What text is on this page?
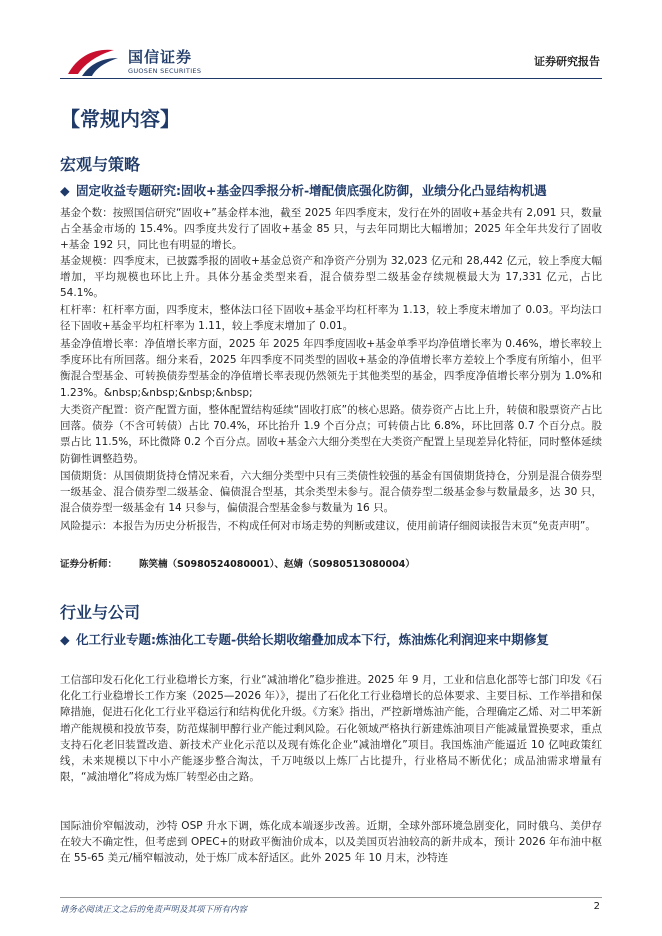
国信证券
GUOSEN SECURITIES
证券研究报告
【常规内容】
宏观与策略
◆ 固定收益专题研究:固收+基金四季报分析-增配债底强化防御，业绩分化凸显结构机遇
基金个数：按照国信研究“固收+”基金样本池，截至 2025 年四季度末，发行在外的固收+基金共有 2,091 只，数量占全基金市场的 15.4%。四季度共发行了固收+基金 85 只，与去年同期比大幅增加；2025 年全年共发行了固收+基金 192 只，同比也有明显的增长。
基金规模：四季度末，已披露季报的固收+基金总资产和净资产分别为 32,023 亿元和 28,442 亿元，较上季度大幅增加，平均规模也环比上升。具体分基金类型来看，混合债券型二级基金存续规模最大为 17,331 亿元，占比 54.1%。
杠杆率：杠杆率方面，四季度末，整体法口径下固收+基金平均杠杆率为 1.13，较上季度末增加了 0.03。平均法口径下固收+基金平均杠杆率为 1.11，较上季度末增加了 0.01。
基金净值增长率：净值增长率方面，2025 年 2025 年四季度固收+基金单季平均净值增长率为 0.46%，增长率较上季度环比有所回落。细分来看，2025 年四季度不同类型的固收+基金的净值增长率方差较上个季度有所缩小，但平衡混合型基金、可转换债券型基金的净值增长率表现仍然领先于其他类型的基金，四季度净值增长率分别为 1.0%和 1.23%。&nbsp;&nbsp;&nbsp;&nbsp;
大类资产配置：资产配置方面，整体配置结构延续“固收打底”的核心思路。债券资产占比上升，转债和股票资产占比回落。债券（不含可转债）占比 70.4%，环比抬升 1.9 个百分点；可转债占比 6.8%，环比回落 0.7 个百分点。股票占比 11.5%，环比微降 0.2 个百分点。固收+基金六大细分类型在大类资产配置上呈现差异化特征，同时整体延续防御性调整趋势。
国债期货：从国债期货持仓情况来看，六大细分类型中只有三类债性较强的基金有国债期货持仓，分别是混合债券型一级基金、混合债券型二级基金、偏债混合型基，其余类型未参与。混合债券型二级基金参与数量最多，达 30 只，混合债券型一级基金有 14 只参与，偏债混合型基金参与数量为 16 只。
风险提示：本报告为历史分析报告，不构成任何对市场走势的判断或建议，使用前请仔细阅读报告末页“免责声明”。
证券分析师： 陈笑楠（S0980524080001）、赵婧（S0980513080004）
行业与公司
◆ 化工行业专题:炼油化工专题-供给长期收缩叠加成本下行，炼油炼化利润迎来中期修复
工信部印发石化化工行业稳增长方案，行业“减油增化”稳步推进。2025 年 9 月，工业和信息化部等七部门印发《石化化工行业稳增长工作方案（2025—2026 年）》，提出了石化化工行业稳增长的总体要求、主要目标、工作举措和保障措施，促进石化化工行业平稳运行和结构优化升级。《方案》指出，严控新增炼油产能，合理确定乙烯、对二甲苯新增产能规模和投放节奏，防范煤制甲醇行业产能过剩风险。石化领域严格执行新建炼油项目产能减量置换要求，重点支持石化老旧装置改造、新技术产业化示范以及现有炼化企业“减油增化”项目。我国炼油产能逼近 10 亿吨政策红线，未来规模以下中小产能逐步整合淘汰，千万吨级以上炼厂占比提升，行业格局不断优化；成品油需求增量有限，“减油增化”将成为炼厂转型必由之路。
国际油价窄幅波动，沙特 OSP 升水下调，炼化成本端逐步改善。近期，全球外部环境急剧变化，同时俄乌、美伊存在较大不确定性，但考虑到 OPEC+的财政平衡油价成本，以及美国页岩油较高的新井成本，预计 2026 年布油中枢在 55-65 美元/桶窄幅波动，处于炼厂成本舒适区。此外 2025 年 10 月末，沙特连
请务必阅读正文之后的免责声明及其项下所有内容	2
